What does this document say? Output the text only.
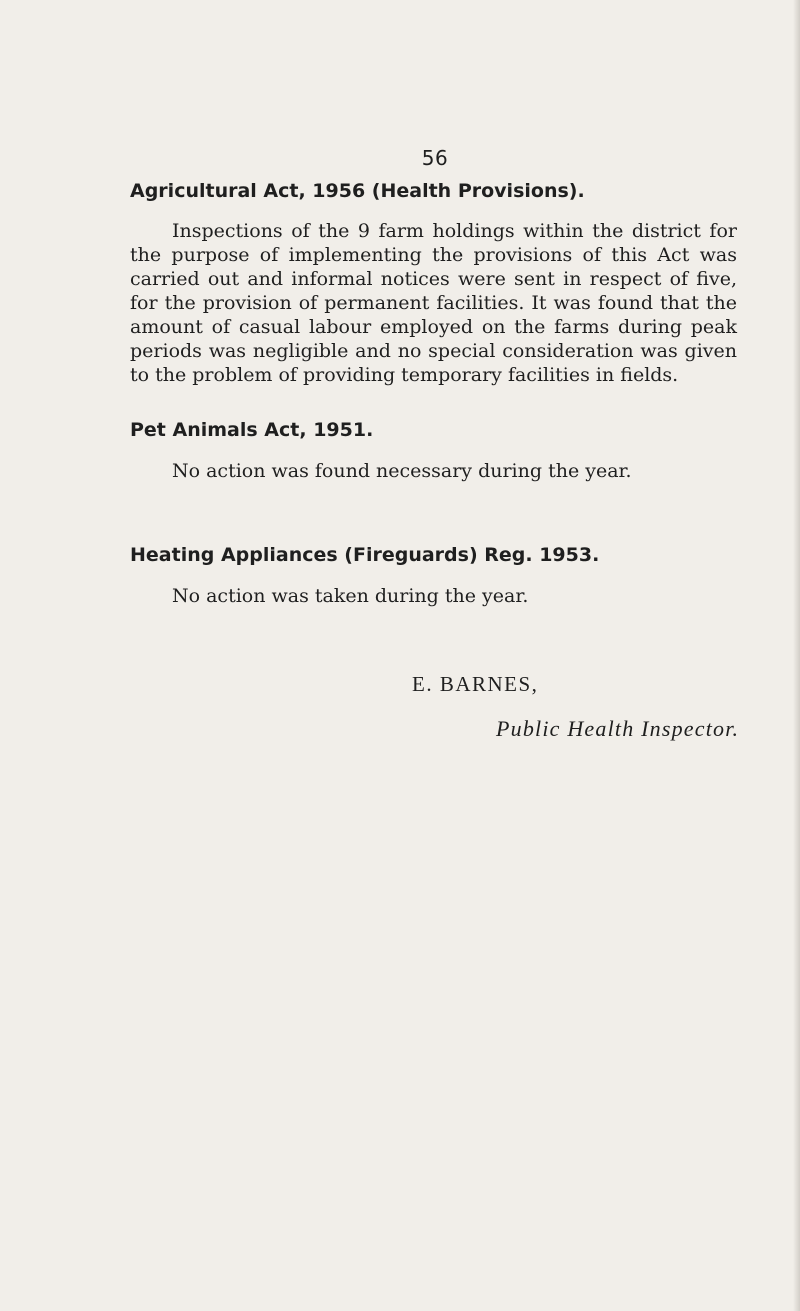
56
Agricultural Act, 1956 (Health Provisions).
Inspections of the 9 farm holdings within the district for the purpose of implementing the provisions of this Act was carried out and informal notices were sent in respect of five, for the provision of permanent facilities. It was found that the amount of casual labour employed on the farms during peak periods was negligible and no special consideration was given to the problem of providing temporary facilities in fields.
Pet Animals Act, 1951.
No action was found necessary during the year.
Heating Appliances (Fireguards) Reg. 1953.
No action was taken during the year.
E. BARNES,
Public Health Inspector.
